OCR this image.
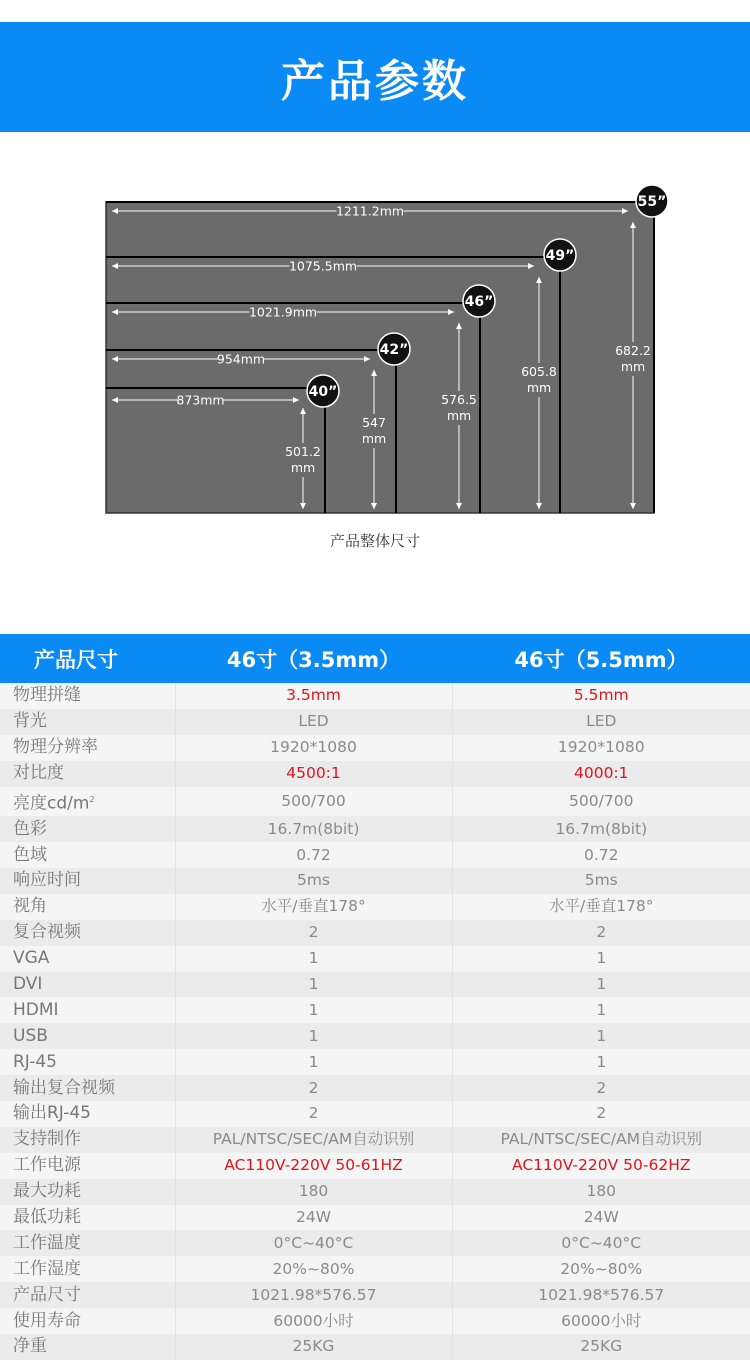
产品参数
873mm
501.2
mm
40”
954mm
547
mm
42”
1021.9mm
576.5
mm
46”
1075.5mm
605.8
mm
49”
1211.2mm
682.2
mm
55”
产品整体尺寸
产品尺寸	46寸（3.5mm）	46寸（5.5mm）
物理拼缝	3.5mm	5.5mm
背光	LED	LED
物理分辨率	1920*1080	1920*1080
对比度	4500:1	4000:1
亮度$cd/m^2$	500/700	500/700
色彩	16.7m(8bit)	16.7m(8bit)
色域	0.72	0.72
响应时间	5ms	5ms
视角	水平/垂直178°	水平/垂直178°
复合视频	2	2
VGA	1	1
DVI	1	1
HDMI	1	1
USB	1	1
RJ-45	1	1
输出复合视频	2	2
输出RJ-45	2	2
支持制作	PAL/NTSC/SEC/AM自动识别	PAL/NTSC/SEC/AM自动识别
工作电源	AC110V-220V 50-61HZ	AC110V-220V 50-62HZ
最大功耗	180	180
最低功耗	24W	24W
工作温度	0°C~40°C	0°C~40°C
工作湿度	20%~80%	20%~80%
产品尺寸	1021.98*576.57	1021.98*576.57
使用寿命	60000小时	60000小时
净重	25KG	25KG
